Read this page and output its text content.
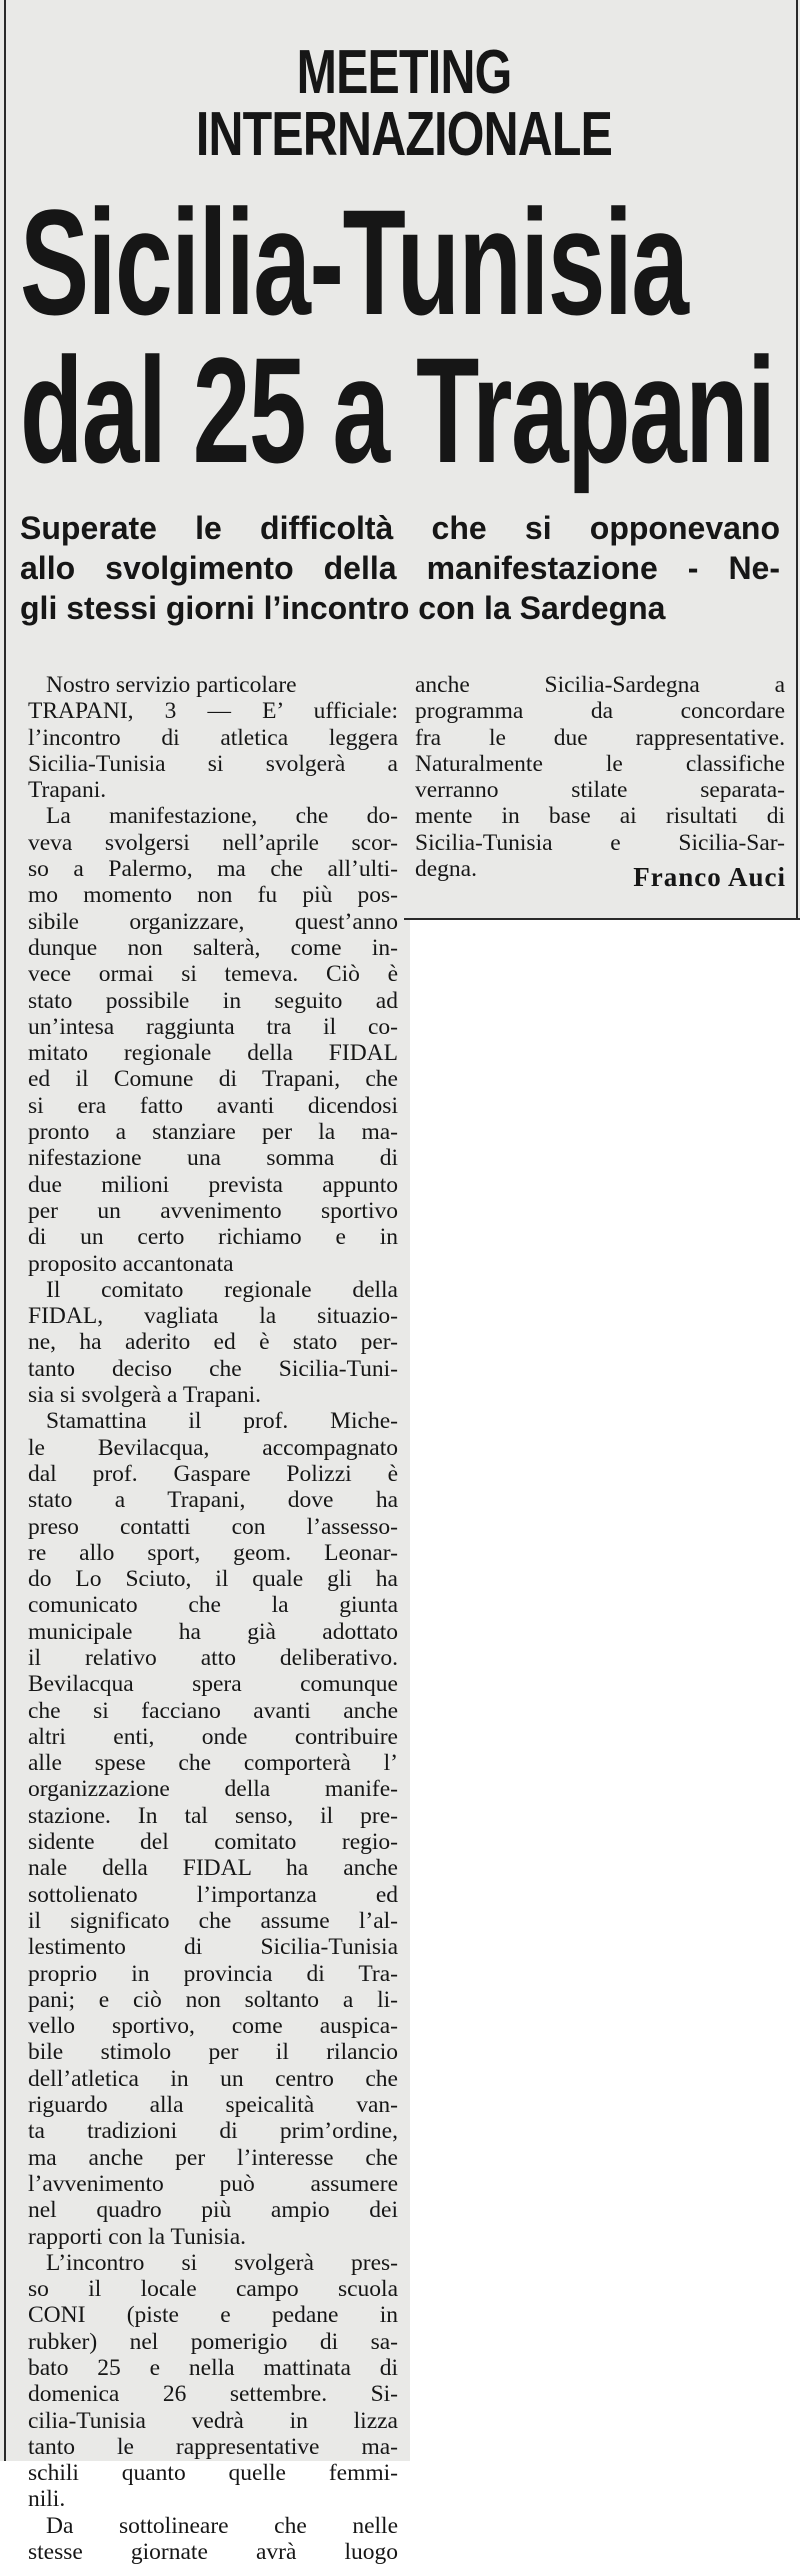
MEETING INTERNAZIONALE
Sicilia-Tunisia
dal 25 a Trapani
Superate le difficoltà che si opponevano
allo svolgimento della manifestazione - Ne-
gli stessi giorni l’incontro con la Sardegna
Nostro servizio particolare
TRAPANI, 3 — E’ ufficiale:
l’incontro di atletica leggera
Sicilia-Tunisia si svolgerà a
Trapani.
La manifestazione, che do-
veva svolgersi nell’aprile scor-
so a Palermo, ma che all’ulti-
mo momento non fu più pos-
sibile organizzare, quest’anno
dunque non salterà, come in-
vece ormai si temeva. Ciò è
stato possibile in seguito ad
un’intesa raggiunta tra il co-
mitato regionale della FIDAL
ed il Comune di Trapani, che
si era fatto avanti dicendosi
pronto a stanziare per la ma-
nifestazione una somma di
due milioni prevista appunto
per un avvenimento sportivo
di un certo richiamo e in
proposito accantonata
Il comitato regionale della
FIDAL, vagliata la situazio-
ne, ha aderito ed è stato per-
tanto deciso che Sicilia-Tuni-
sia si svolgerà a Trapani.
Stamattina il prof. Miche-
le Bevilacqua, accompagnato
dal prof. Gaspare Polizzi è
stato a Trapani, dove ha
preso contatti con l’assesso-
re allo sport, geom. Leonar-
do Lo Sciuto, il quale gli ha
comunicato che la giunta
municipale ha già adottato
il relativo atto deliberativo.
Bevilacqua spera comunque
che si facciano avanti anche
altri enti, onde contribuire
alle spese che comporterà l’
organizzazione della manife-
stazione. In tal senso, il pre-
sidente del comitato regio-
nale della FIDAL ha anche
sottolienato l’importanza ed
il significato che assume l’al-
lestimento di Sicilia-Tunisia
proprio in provincia di Tra-
pani; e ciò non soltanto a li-
vello sportivo, come auspica-
bile stimolo per il rilancio
dell’atletica in un centro che
riguardo alla speicalità van-
ta tradizioni di prim’ordine,
ma anche per l’interesse che
l’avvenimento può assumere
nel quadro più ampio dei
rapporti con la Tunisia.
L’incontro si svolgerà pres-
so il locale campo scuola
CONI (piste e pedane in
rubker) nel pomerigio di sa-
bato 25 e nella mattinata di
domenica 26 settembre. Si-
cilia-Tunisia vedrà in lizza
tanto le rappresentative ma-
schili quanto quelle femmi-
nili.
Da sottolineare che nelle
stesse giornate avrà luogo
anche Sicilia-Sardegna a
programma da concordare
fra le due rappresentative.
Naturalmente le classifiche
verranno stilate separata-
mente in base ai risultati di
Sicilia-Tunisia e Sicilia-Sar-
degna.	Franco Auci
